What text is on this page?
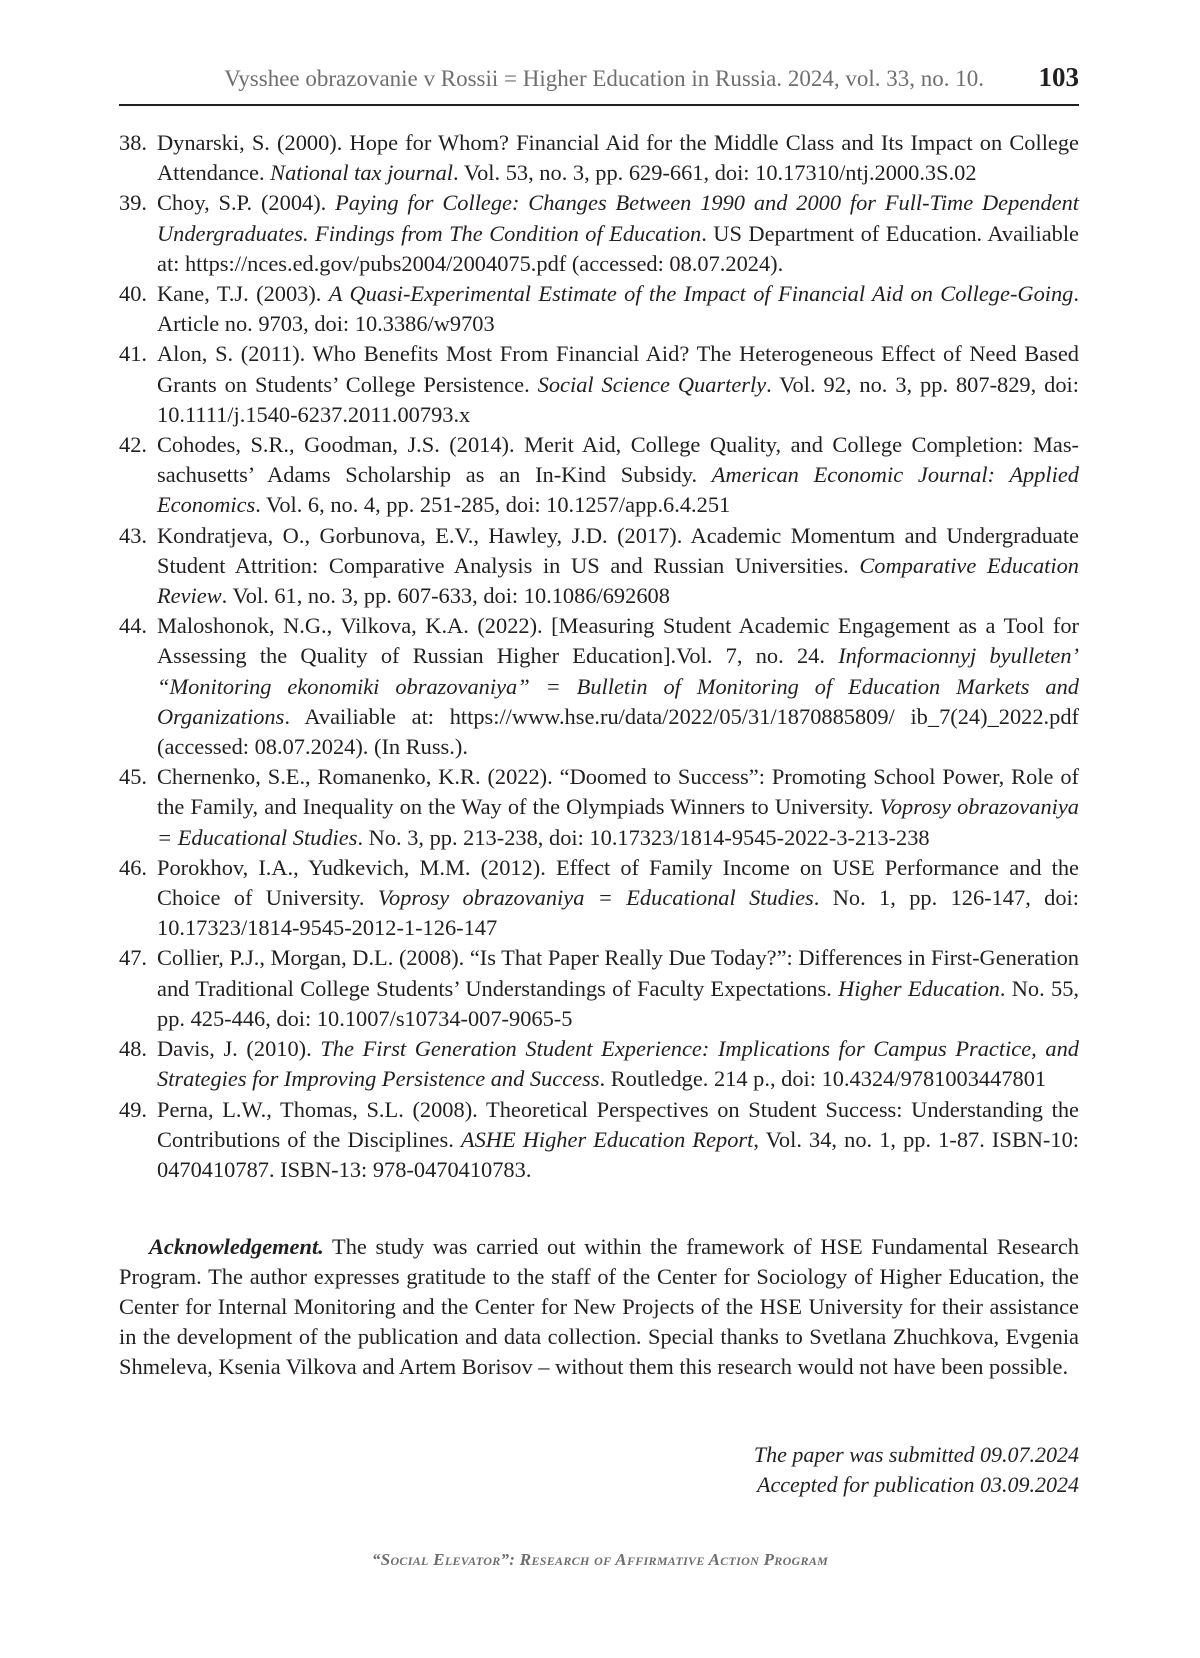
Vysshee obrazovanie v Rossii = Higher Education in Russia. 2024, vol. 33, no. 10. 103
38. Dynarski, S. (2000). Hope for Whom? Financial Aid for the Middle Class and Its Impact on College Attendance. National tax journal. Vol. 53, no. 3, pp. 629-661, doi: 10.17310/ntj.2000.3S.02
39. Choy, S.P. (2004). Paying for College: Changes Between 1990 and 2000 for Full-Time Dependent Undergraduates. Findings from The Condition of Education. US Department of Education. Availiable at: https://nces.ed.gov/pubs2004/2004075.pdf (accessed: 08.07.2024).
40. Kane, T.J. (2003). A Quasi-Experimental Estimate of the Impact of Financial Aid on College-Going. Article no. 9703, doi: 10.3386/w9703
41. Alon, S. (2011). Who Benefits Most From Financial Aid? The Heterogeneous Effect of Need Based Grants on Students’ College Persistence. Social Science Quarterly. Vol. 92, no. 3, pp. 807-829, doi: 10.1111/j.1540-6237.2011.00793.x
42. Cohodes, S.R., Goodman, J.S. (2014). Merit Aid, College Quality, and College Completion: Massachusetts’ Adams Scholarship as an In-Kind Subsidy. American Economic Journal: Applied Economics. Vol. 6, no. 4, pp. 251-285, doi: 10.1257/app.6.4.251
43. Kondratjeva, O., Gorbunova, E.V., Hawley, J.D. (2017). Academic Momentum and Undergraduate Student Attrition: Comparative Analysis in US and Russian Universities. Comparative Education Review. Vol. 61, no. 3, pp. 607-633, doi: 10.1086/692608
44. Maloshonok, N.G., Vilkova, K.A. (2022). [Measuring Student Academic Engagement as a Tool for Assessing the Quality of Russian Higher Education].Vol. 7, no. 24. Informacionnyj byulleten’ “Monitoring ekonomiki obrazovaniya” = Bulletin of Monitoring of Education Markets and Organizations. Availiable at: https://www.hse.ru/data/2022/05/31/1870885809/ ib_7(24)_2022.pdf (accessed: 08.07.2024). (In Russ.).
45. Chernenko, S.E., Romanenko, K.R. (2022). “Doomed to Success”: Promoting School Power, Role of the Family, and Inequality on the Way of the Olympiads Winners to University. Voprosy obrazovaniya = Educational Studies. No. 3, pp. 213-238, doi: 10.17323/1814-9545-2022-3-213-238
46. Porokhov, I.A., Yudkevich, M.M. (2012). Effect of Family Income on USE Performance and the Choice of University. Voprosy obrazovaniya = Educational Studies. No. 1, pp. 126-147, doi: 10.17323/1814-9545-2012-1-126-147
47. Collier, P.J., Morgan, D.L. (2008). “Is That Paper Really Due Today?”: Differences in First-Generation and Traditional College Students’ Understandings of Faculty Expectations. Higher Education. No. 55, pp. 425-446, doi: 10.1007/s10734-007-9065-5
48. Davis, J. (2010). The First Generation Student Experience: Implications for Campus Practice, and Strategies for Improving Persistence and Success. Routledge. 214 p., doi: 10.4324/9781003447801
49. Perna, L.W., Thomas, S.L. (2008). Theoretical Perspectives on Student Success: Understanding the Contributions of the Disciplines. ASHE Higher Education Report, Vol. 34, no. 1, pp. 1-87. ISBN-10: 0470410787. ISBN-13: 978-0470410783.

Acknowledgement. The study was carried out within the framework of HSE Fundamental Research Program. The author expresses gratitude to the staff of the Center for Sociology of Higher Education, the Center for Internal Monitoring and the Center for New Projects of the HSE University for their assistance in the development of the publication and data collection. Special thanks to Svetlana Zhuchkova, Evgenia Shmeleva, Ksenia Vilkova and Artem Borisov – without them this research would not have been possible.

The paper was submitted 09.07.2024
Accepted for publication 03.09.2024
“Social Elevator”: Research of Affirmative Action Program
